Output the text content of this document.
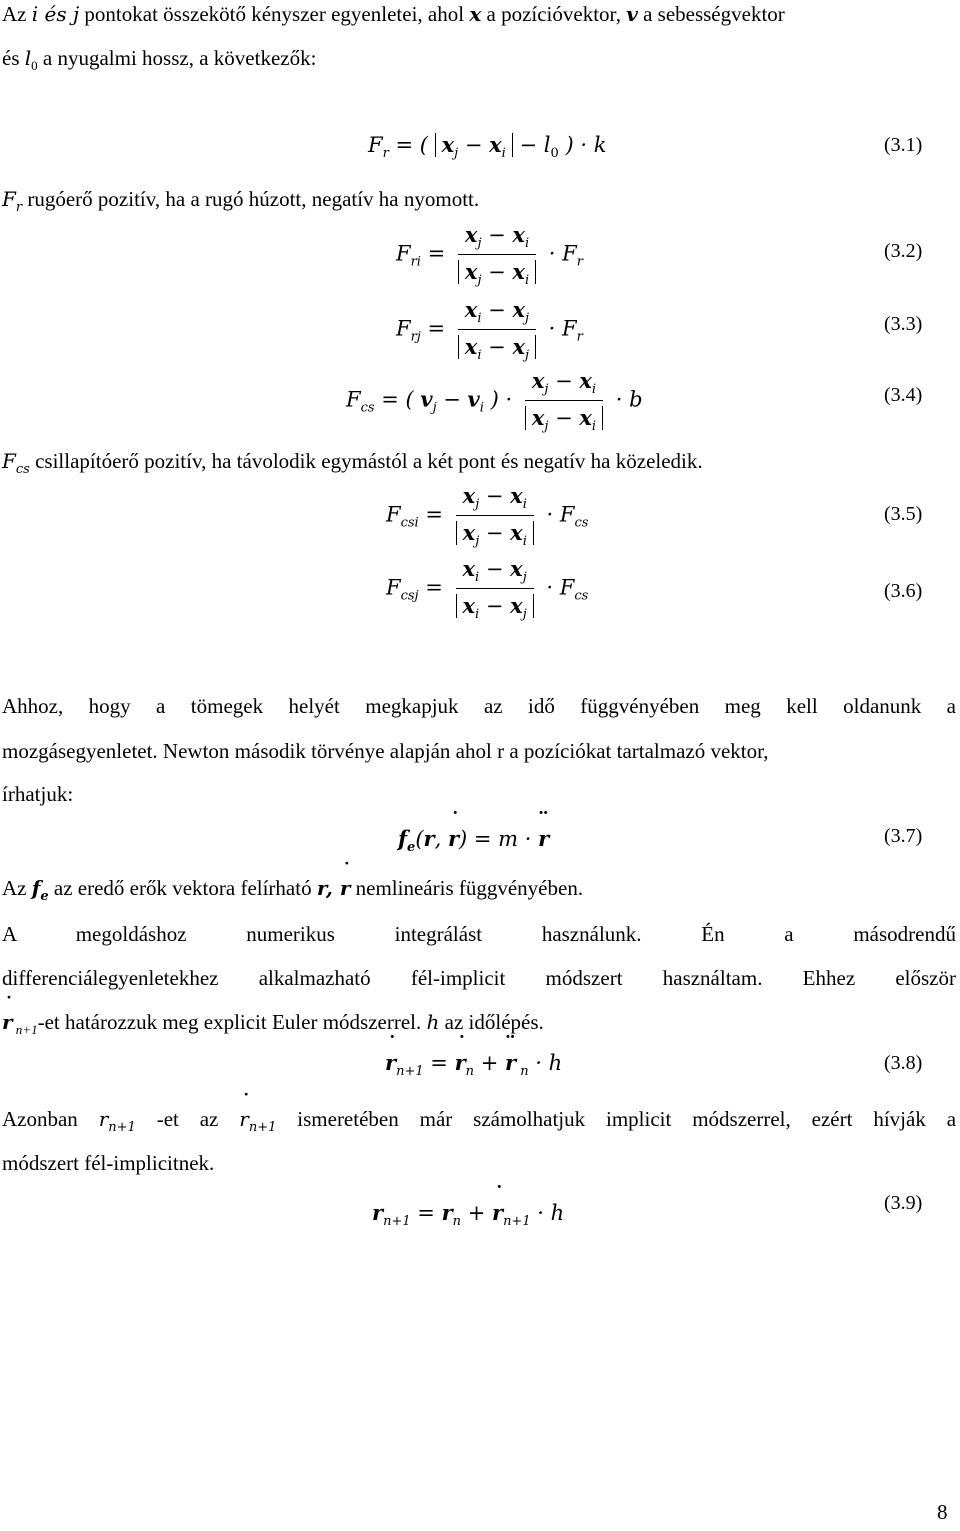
Az i és j pontokat összekötő kényszer egyenletei, ahol x a pozícióvektor, v a sebességvektor
és $l_0$ a nyugalmi hossz, a következők:
$F_r$ = ( $x_j - x_i - l_0$ ) · k	(3.1)
$F_r$ rugóerő pozitív, ha a rugó húzott, negatív ha nyomott.
$F_{ri} = \frac{x_j - x_i}{x_j - x_i} \cdot F_r$	(3.2)
$F_{rj} = \frac{x_i - x_j}{x_i - x_j} \cdot F_r$
(3.3)
$F_{cs}$ = ( $v_j - v_i$ ) · $\frac{x_j - x_i}{x_j - x_i} \cdot b$	(3.4)
$F_{cs}$ csillapítóerő pozitív, ha távolodik egymástól a két pont és negatív ha közeledik.
$F_{csi} = \frac{x_j - x_i}{x_j - x_i} \cdot F_{cs}$	(3.5)
$F_{csj} = \frac{x_i - x_j}{x_i - x_j} \cdot F_{cs}$	(3.6)
Ahhoz, hogy a tömegek helyét megkapjuk az idő függvényében meg kell oldanunk a
mozgásegyenletet. Newton második törvénye alapján ahol r a pozíciókat tartalmazó vektor,
írhatjuk:
$f_e(r$, r ˙) = m · r ¨	(3.7)
Az $f_e$ az eredő erők vektora felírható r, r ˙ nemlineáris függvényében.
A megoldáshoz numerikus integrálást használunk. Én a másodrendű
differenciálegyenletekhez alkalmazható fél-implicit módszert használtam. Ehhez először
r ˙ $_{n+1}$-et határozzuk meg explicit Euler módszerrel. h az időlépés.
r $˙_{n+1} = r$ $˙_n + r$ ¨ $_n$ · h	(3.8)
Azonban $r_{n+1}$ -et az r $˙_{n+1}$ ismeretében már számolhatjuk implicit módszerrel, ezért hívják a
módszert fél-implicitnek.
$r_{n+1} = r_n + r$ $˙_{n+1} \cdot h$	(3.9)
8
